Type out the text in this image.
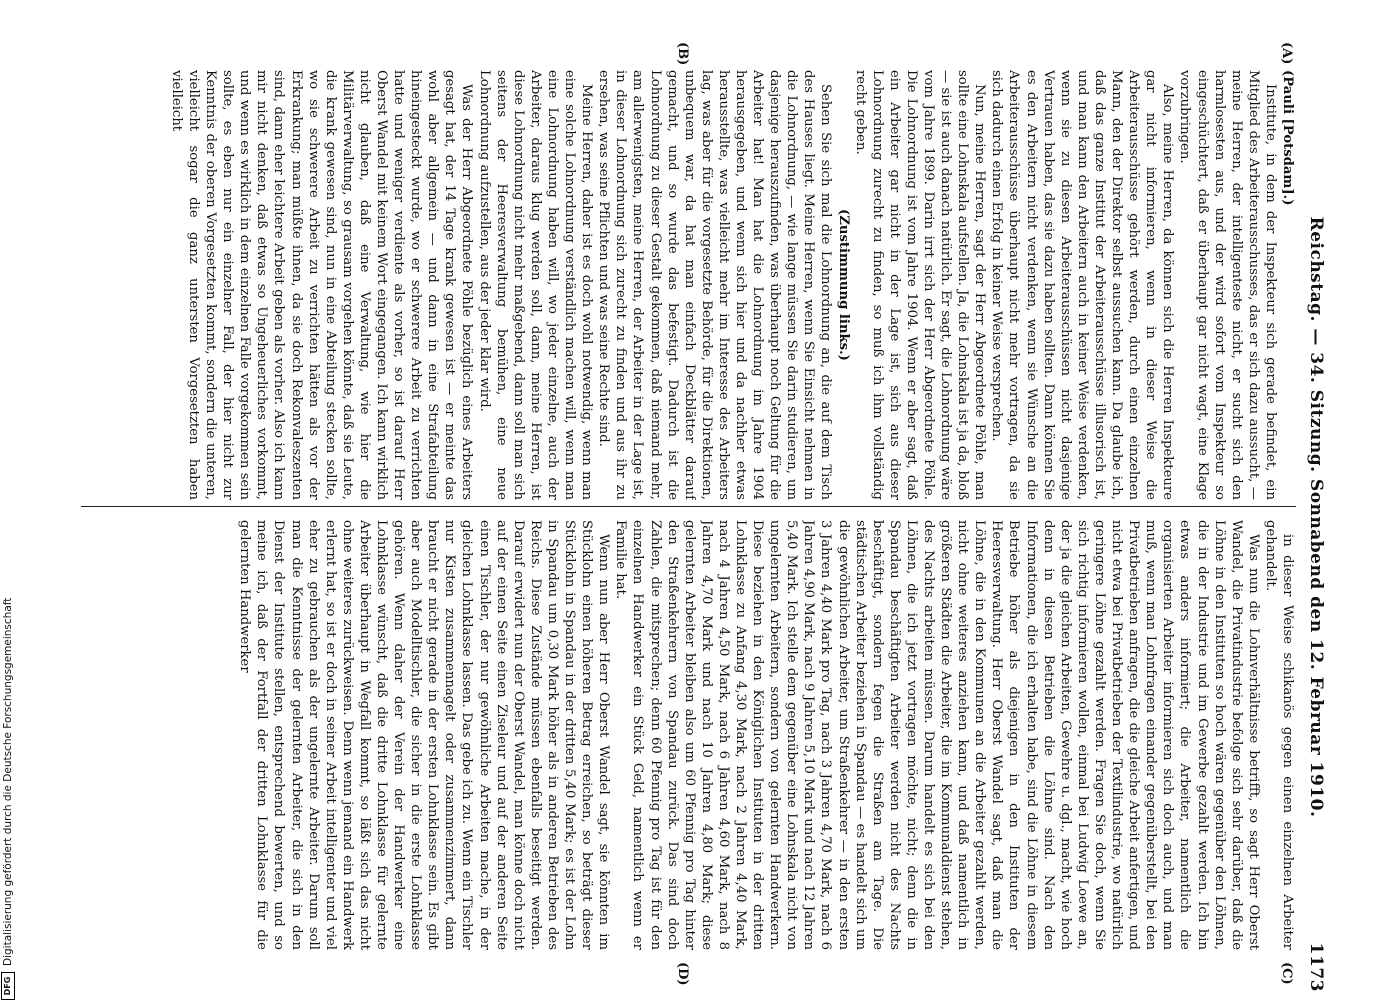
Reichstag. — 34. Sitzung. Sonnabend den 12. Februar 1910.
1173
(A)
(B)
(C)
(D)

(Pauli [Potsdam].)

Institute, in dem der Inspekteur sich gerade befindet, ein Mitglied des Arbeiterausschusses, das er sich dazu aussucht, — meine Herren, der intelligenteste nicht, er sucht sich den harmlosesten aus, und der wird sofort vom Inspekteur so eingeschüchtert, daß er überhaupt gar nicht wagt, eine Klage vorzubringen.

Also, meine Herren, da können sich die Herren Inspekteure gar nicht informieren, wenn in dieser Weise die Arbeiterausschüsse gehört werden, durch einen einzelnen Mann, den der Direktor selbst aussuchen kann. Da glaube ich, daß das ganze Institut der Arbeiterausschüsse illusorisch ist, und man kann den Arbeitern auch in keiner Weise verdenken, wenn sie zu diesen Arbeiterausschüssen nicht dasjenige Vertrauen haben, das sie dazu haben sollten. Dann können Sie es den Arbeitern nicht verdenken, wenn sie Wünsche an die Arbeiterausschüsse überhaupt nicht mehr vortragen, da sie sich dadurch einen Erfolg in keiner Weise versprechen.

Nun, meine Herren, sagt der Herr Abgeordnete Pöhle, man sollte eine Lohnskala aufstellen. Ja, die Lohnskala ist ja da, bloß — sie ist auch danach natürlich. Er sagt, die Lohnordnung wäre vom Jahre 1899. Darin irrt sich der Herr Abgeordnete Pöhle. Die Lohnordnung ist vom Jahre 1904. Wenn er aber sagt, daß ein Arbeiter gar nicht in der Lage ist, sich aus dieser Lohnordnung zurecht zu finden, so muß ich ihm vollständig recht geben.

(Zustimmung links.)

Sehen Sie sich mal die Lohnordnung an, die auf dem Tisch des Hauses liegt. Meine Herren, wenn Sie Einsicht nehmen in die Lohnordnung, — wie lange müssen Sie darin studieren, um dasjenige herauszufinden, was überhaupt noch Geltung für die Arbeiter hat! Man hat die Lohnordnung im Jahre 1904 herausgegeben, und wenn sich hier und da nachher etwas herausstellte, was vielleicht mehr im Interesse des Arbeiters lag, was aber für die vorgesetzte Behörde, für die Direktionen, unbequem war, da hat man einfach Deckblätter darauf gemacht, und so wurde das befestigt. Dadurch ist die Lohnordnung zu dieser Gestalt gekommen, daß niemand mehr, am allerwenigsten, meine Herren, der Arbeiter in der Lage ist, in dieser Lohnordnung sich zurecht zu finden und aus ihr zu ersehen, was seine Pflichten und was seine Rechte sind.

Meine Herren, daher ist es doch wohl notwendig, wenn man eine solche Lohnordnung verständlich machen will, wenn man eine Lohnordnung haben will, wo jeder einzelne, auch der Arbeiter, daraus klug werden soll, dann, meine Herren, ist diese Lohnordnung nicht mehr maßgebend, dann soll man sich seitens der Heeresverwaltung bemühen, eine neue Lohnordnung aufzustellen, aus der jeder klar wird.

Was der Herr Abgeordnete Pöhle bezüglich eines Arbeiters gesagt hat, der 14 Tage krank gewesen ist — er meinte das wohl aber allgemein — und dann in eine Strafabteilung hineingesteckt wurde, wo er schwerere Arbeit zu verrichten hatte und weniger verdiente als vorher, so ist darauf Herr Oberst Wandel mit keinem Wort eingegangen. Ich kann wirklich nicht glauben, daß eine Verwaltung, wie hier die Militärverwaltung, so grausam vorgehen könnte, daß sie Leute, die krank gewesen sind, nun in eine Abteilung stecken sollte, wo sie schwerere Arbeit zu verrichten hätten als vor der Erkrankung; man müßte ihnen, da sie doch Rekonvaleszenten sind, dann eher leichtere Arbeit geben als vorher. Also ich kann mir nicht denken, daß etwas so Ungeheuerliches vorkommt, und wenn es wirklich in dem einzelnen Falle vorgekommen sein sollte, es eben nur ein einzelner Fall, der hier nicht zur Kenntnis der oberen Vorgesetzten kommt, sondern die unteren, vielleicht sogar die ganz untersten Vorgesetzten haben vielleicht

in dieser Weise schikanös gegen einen einzelnen Arbeiter gehandelt.

Was nun die Lohnverhältnisse betrifft, so sagt Herr Oberst Wandel, die Privatindustrie befolge sich sehr darüber, daß die Löhne in den Instituten so hoch wären gegenüber den Löhnen, die in der Industrie und im Gewerbe gezahlt werden. Ich bin etwas anders informiert; die Arbeiter, namentlich die organisierten Arbeiter informieren sich doch auch, und man muß, wenn man Lohnfragen einander gegenüberstellt, bei den Privatbetrieben anfragen, die die gleiche Arbeit anfertigen, und nicht etwa bei Privatbetrieben der Textilindustrie, wo natürlich geringere Löhne gezahlt werden. Fragen Sie doch, wenn Sie sich richtig informieren wollen, einmal bei Ludwig Loewe an, der ja die gleichen Arbeiten, Gewehre u. dgl., macht, wie hoch denn in diesen Betrieben die Löhne sind. Nach den Informationen, die ich erhalten habe, sind die Löhne in diesem Betriebe höher als diejenigen in den Instituten der Heeresverwaltung. Herr Oberst Wandel sagt, daß man die Löhne, die in den Kommunen an die Arbeiter gezahlt werden, nicht ohne weiteres anziehen kann, und daß namentlich in größeren Städten die Arbeiter, die im Kommunaldienst stehen, des Nachts arbeiten müssen. Darum handelt es sich bei den Löhnen, die ich jetzt vortragen möchte, nicht; denn die in Spandau beschäftigten Arbeiter werden nicht des Nachts beschäftigt, sondern fegen die Straßen am Tage. Die städtischen Arbeiter beziehen in Spandau — es handelt sich um die gewöhnlichen Arbeiter, um Straßenkehrer — in den ersten 3 Jahren 4,40 Mark pro Tag, nach 3 Jahren 4,70 Mark, nach 6 Jahren 4,90 Mark, nach 9 Jahren 5,10 Mark und nach 12 Jahren 5,40 Mark. Ich stelle dem gegenüber eine Lohnskala nicht von ungelernten Arbeitern, sondern von gelernten Handwerkern. Diese beziehen in den Königlichen Instituten in der dritten Lohnklasse zu Anfang 4,30 Mark, nach 2 Jahren 4,40 Mark, nach 4 Jahren 4,50 Mark, nach 6 Jahren 4,60 Mark, nach 8 Jahren 4,70 Mark und nach 10 Jahren 4,80 Mark; diese gelernten Arbeiter bleiben also um 60 Pfennig pro Tag hinter den Straßenkehrern von Spandau zurück. Das sind doch Zahlen, die mitsprechen; denn 60 Pfennig pro Tag ist für den einzelnen Handwerker ein Stück Geld, namentlich wenn er Familie hat.

Wenn nun aber Herr Oberst Wandel sagt, sie könnten im Stücklohn einen höheren Betrag erreichen, so beträgt dieser Stücklohn in Spandau in der dritten 5,40 Mark; es ist der Lohn in Spandau um 0,30 Mark höher als in anderen Betrieben des Reichs. Diese Zustände müssen ebenfalls beseitigt werden. Darauf erwidert nun der Oberst Wandel, man könne doch nicht auf der einen Seite einen Ziseleur und auf der anderen Seite einen Tischler, der nur gewöhnliche Arbeiten mache, in der gleichen Lohnklasse lassen. Das gebe ich zu. Wenn ein Tischler nur Kisten zusammennagelt oder zusammenzimmert, dann braucht er nicht gerade in der ersten Lohnklasse sein. Es gibt aber auch Modelltischler, die sicher in die erste Lohnklasse gehören. Wenn daher der Verein der Handwerker eine Lohnklasse wünscht, daß die dritte Lohnklasse für gelernte Arbeiter überhaupt in Wegfall kommt, so läßt sich das nicht ohne weiteres zurückweisen. Denn wenn jemand ein Handwerk erlernt hat, so ist er doch in seiner Arbeit intelligenter und viel eher zu gebrauchen als der ungelernte Arbeiter. Darum soll man die Kenntnisse der gelernten Arbeiter, die sich in den Dienst der Institute stellen, entsprechend bewerten, und so meine ich, daß der Fortfall der dritten Lohnklasse für die gelernten Handwerker

DFG
Digitalisierung gefördert durch die Deutsche Forschungsgemeinschaft
